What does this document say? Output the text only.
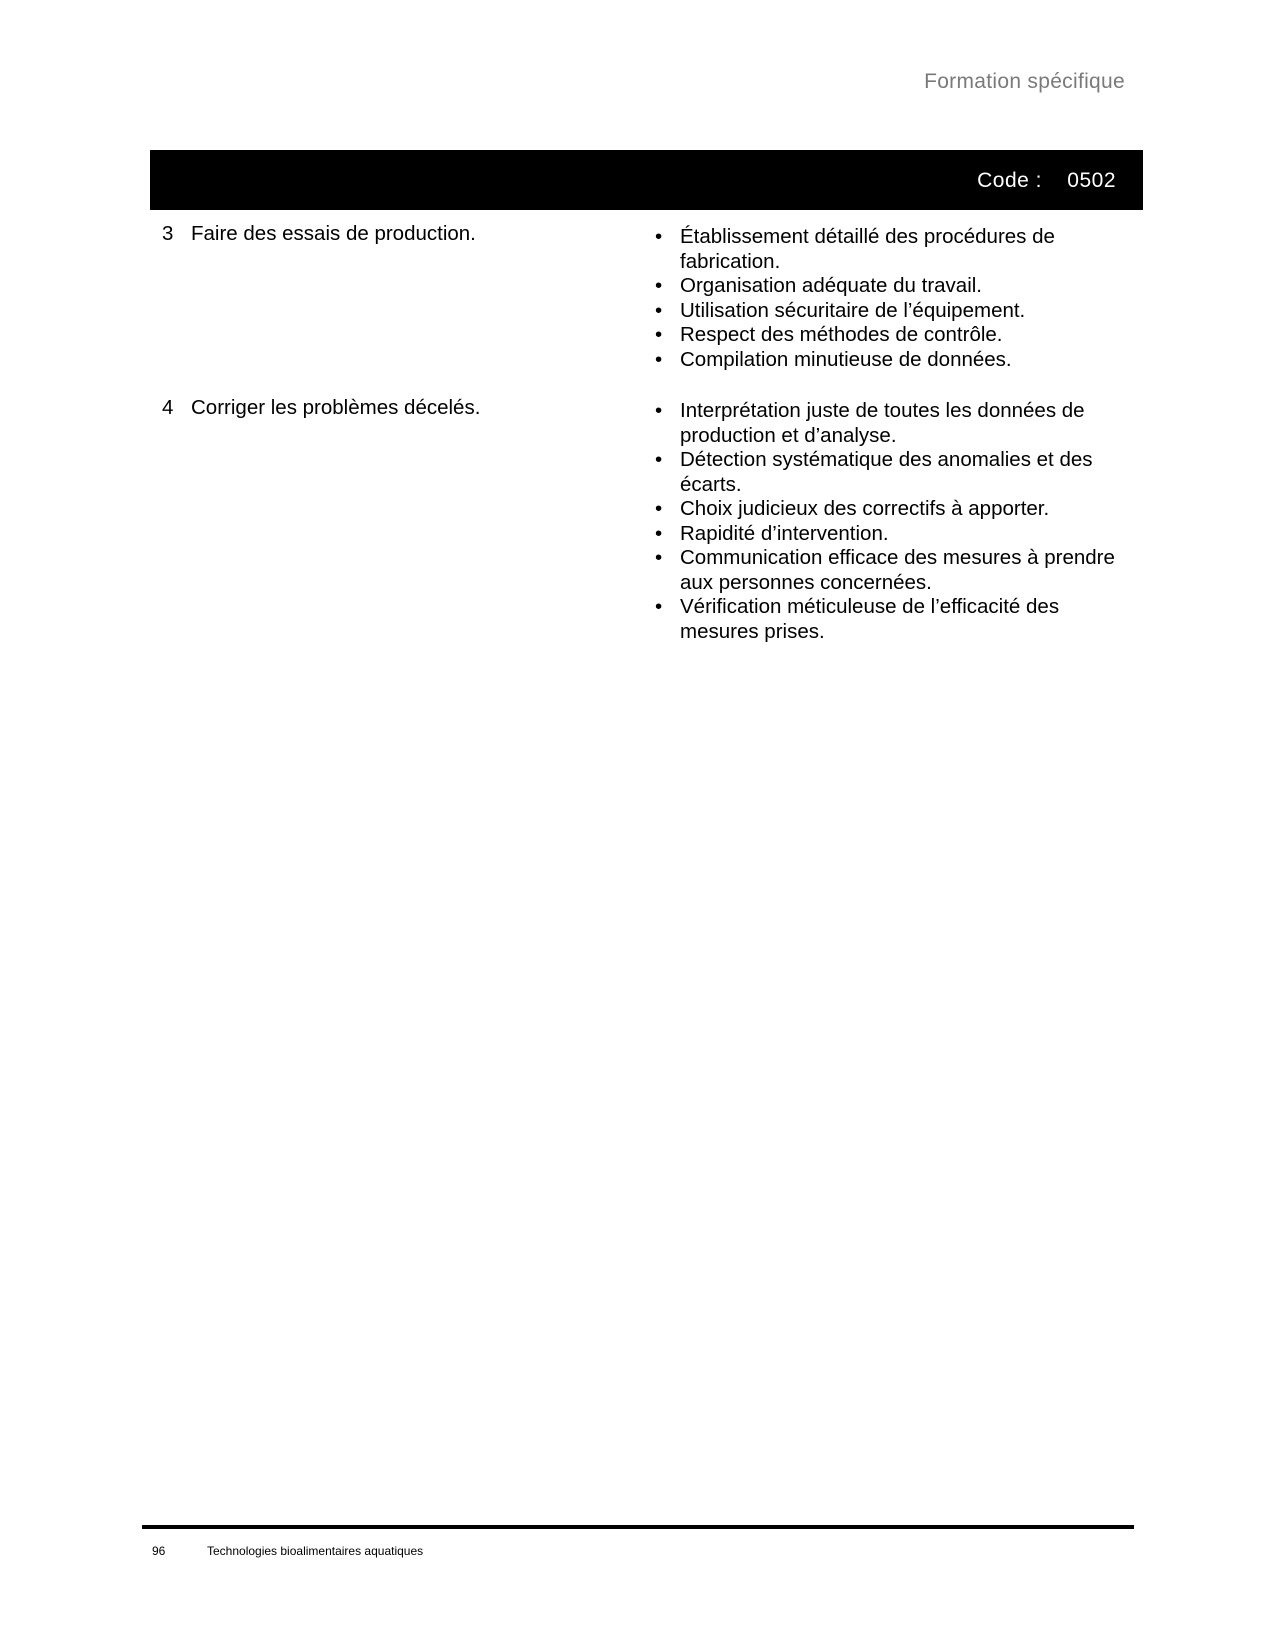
Formation spécifique
Code : 0502
3 Faire des essais de production.	• Établissement détaillé des procédures de fabrication.
• Organisation adéquate du travail.
• Utilisation sécuritaire de l’équipement.
• Respect des méthodes de contrôle.
• Compilation minutieuse de données.
4 Corriger les problèmes décelés.	• Interprétation juste de toutes les données de production et d’analyse.
• Détection systématique des anomalies et des écarts.
• Choix judicieux des correctifs à apporter.
• Rapidité d’intervention.
• Communication efficace des mesures à prendre aux personnes concernées.
• Vérification méticuleuse de l’efficacité des mesures prises.
96	Technologies bioalimentaires aquatiques
